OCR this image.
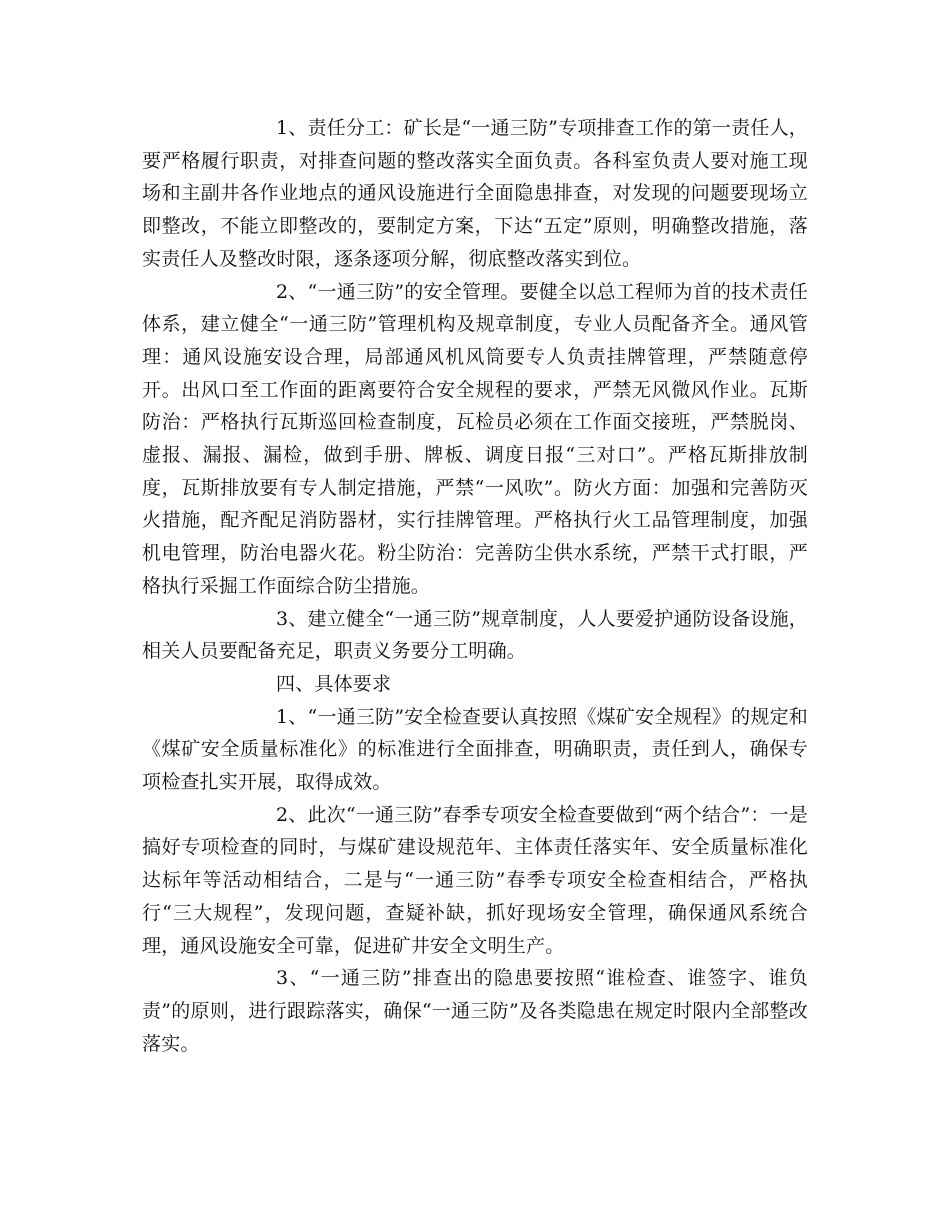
1、责任分工：矿长是“一通三防”专项排查工作的第一责任人，要严格履行职责，对排查问题的整改落实全面负责。各科室负责人要对施工现场和主副井各作业地点的通风设施进行全面隐患排查，对发现的问题要现场立即整改，不能立即整改的，要制定方案，下达“五定”原则，明确整改措施，落实责任人及整改时限，逐条逐项分解，彻底整改落实到位。

2、“一通三防”的安全管理。要健全以总工程师为首的技术责任体系，建立健全“一通三防”管理机构及规章制度，专业人员配备齐全。通风管理：通风设施安设合理，局部通风机风筒要专人负责挂牌管理，严禁随意停开。出风口至工作面的距离要符合安全规程的要求，严禁无风微风作业。瓦斯防治：严格执行瓦斯巡回检查制度，瓦检员必须在工作面交接班，严禁脱岗、虚报、漏报、漏检，做到手册、牌板、调度日报“三对口”。严格瓦斯排放制度，瓦斯排放要有专人制定措施，严禁“一风吹”。防火方面：加强和完善防灭火措施，配齐配足消防器材，实行挂牌管理。严格执行火工品管理制度，加强机电管理，防治电器火花。粉尘防治：完善防尘供水系统，严禁干式打眼，严格执行采掘工作面综合防尘措施。

3、建立健全“一通三防”规章制度，人人要爱护通防设备设施，相关人员要配备充足，职责义务要分工明确。

四、具体要求

1、“一通三防”安全检查要认真按照《煤矿安全规程》的规定和《煤矿安全质量标准化》的标准进行全面排查，明确职责，责任到人，确保专项检查扎实开展，取得成效。

2、此次“一通三防”春季专项安全检查要做到“两个结合”：一是搞好专项检查的同时，与煤矿建设规范年、主体责任落实年、安全质量标准化达标年等活动相结合，二是与“一通三防”春季专项安全检查相结合，严格执行“三大规程”，发现问题，查疑补缺，抓好现场安全管理，确保通风系统合理，通风设施安全可靠，促进矿井安全文明生产。

3、“一通三防”排查出的隐患要按照“谁检查、谁签字、谁负责”的原则，进行跟踪落实，确保“一通三防”及各类隐患在规定时限内全部整改落实。
